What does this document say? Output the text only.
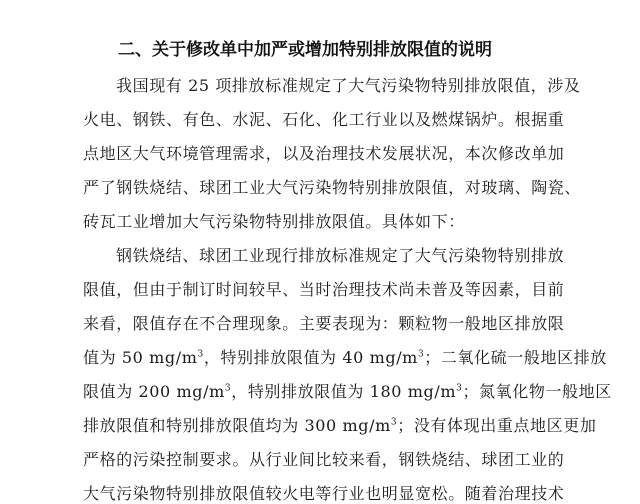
二、关于修改单中加严或增加特别排放限值的说明
我国现有 25 项排放标准规定了大气污染物特别排放限值，涉及
火电、钢铁、有色、水泥、石化、化工行业以及燃煤锅炉。根据重
点地区大气环境管理需求，以及治理技术发展状况，本次修改单加
严了钢铁烧结、球团工业大气污染物特别排放限值，对玻璃、陶瓷、
砖瓦工业增加大气污染物特别排放限值。具体如下：
钢铁烧结、球团工业现行排放标准规定了大气污染物特别排放
限值，但由于制订时间较早、当时治理技术尚未普及等因素，目前
来看，限值存在不合理现象。主要表现为：颗粒物一般地区排放限
值为 50 $mg/m^3$，特别排放限值为 40 $mg/m^3$；二氧化硫一般地区排放
限值为 200 $mg/m^3$，特别排放限值为 180 $mg/m^3$；氮氧化物一般地区
排放限值和特别排放限值均为 300 $mg/m^3$；没有体现出重点地区更加
严格的污染控制要求。从行业间比较来看，钢铁烧结、球团工业的
大气污染物特别排放限值较火电等行业也明显宽松。随着治理技术
